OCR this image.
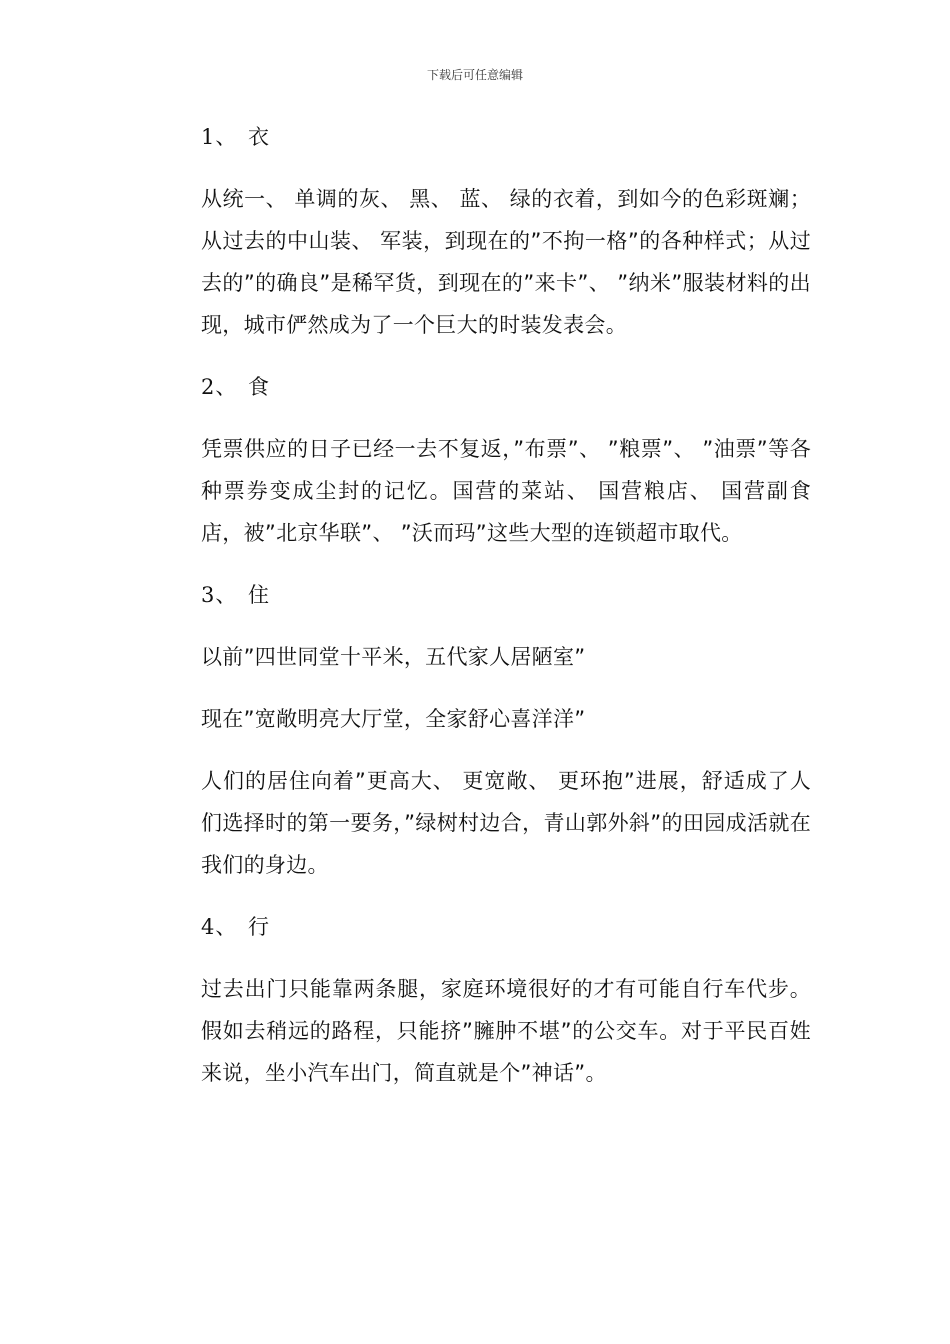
下载后可任意编辑
1、 衣

从统一、 单调的灰、 黑、 蓝、 绿的衣着，到如今的色彩斑斓；从过去的中山装、 军装，到现在的”不拘一格”的各种样式；从过去的”的确良”是稀罕货，到现在的”来卡”、 ”纳米”服装材料的出现，城市俨然成为了一个巨大的时装发表会。

2、 食

凭票供应的日子已经一去不复返，”布票”、 ”粮票”、 ”油票”等各种票券变成尘封的记忆。国营的菜站、 国营粮店、 国营副食店，被”北京华联”、 ”沃而玛”这些大型的连锁超市取代。

3、 住

以前”四世同堂十平米，五代家人居陋室”

现在”宽敞明亮大厅堂，全家舒心喜洋洋”

人们的居住向着”更高大、 更宽敞、 更环抱”进展，舒适成了人们选择时的第一要务，”绿树村边合，青山郭外斜”的田园成活就在我们的身边。

4、 行

过去出门只能靠两条腿，家庭环境很好的才有可能自行车代步。假如去稍远的路程，只能挤”臃肿不堪”的公交车。对于平民百姓来说，坐小汽车出门，简直就是个”神话”。
